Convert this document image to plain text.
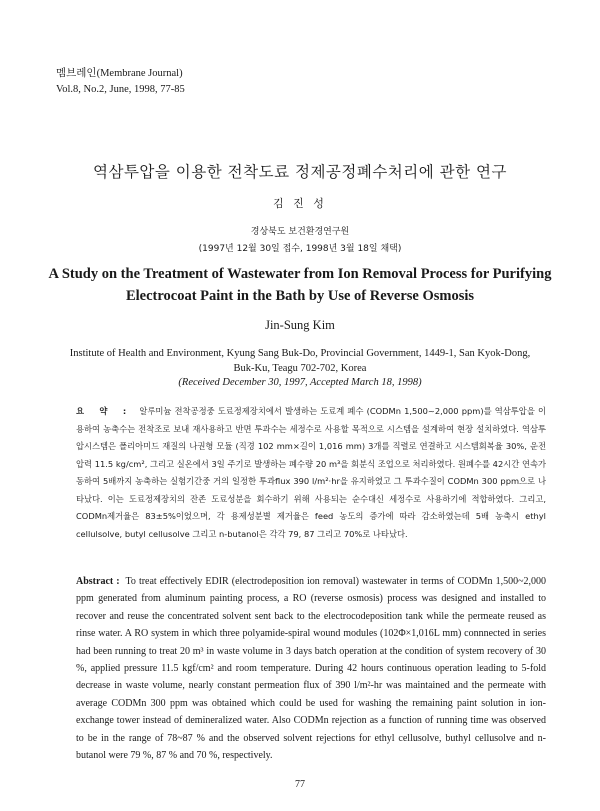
멤브레인(Membrane Journal)
Vol.8, No.2, June, 1998, 77-85
역삼투압을 이용한 전착도료 정제공정폐수처리에 관한 연구
김 진 성
경상북도 보건환경연구원
(1997년 12월 30일 접수, 1998년 3월 18일 채택)
A Study on the Treatment of Wastewater from Ion Removal Process for Purifying Electrocoat Paint in the Bath by Use of Reverse Osmosis
Jin-Sung Kim
Institute of Health and Environment, Kyung Sang Buk-Do, Provincial Government, 1449-1, San Kyok-Dong, Buk-Ku, Teagu 702-702, Korea
(Received December 30, 1997, Accepted March 18, 1998)
요 약 : 알루미늄 전착공정중 도료정제장치에서 발생하는 도료계 폐수 (CODMn 1,500~2,000 ppm)를 역삼투압을 이용하여 농축수는 전착조로 보내 재사용하고 반면 투과수는 세정수로 사용할 목적으로 시스템을 설계하여 현장 설치하였다. 역삼투압시스템은 폴리아미드 재질의 나권형 모듈 (직경 102 mm×길이 1,016 mm) 3개를 직렬로 연결하고 시스템회복율 30%, 운전압력 11.5 kg/cm², 그리고 실온에서 3일 주기로 발생하는 폐수량 20 m³을 회분식 조업으로 처리하였다. 원폐수를 42시간 연속가동하여 5배까지 농축하는 실험기간중 거의 일정한 투과flux 390 l/m²·hr을 유지하였고 그 투과수질이 CODMn 300 ppm으로 나타났다. 이는 도료정제장치의 잔존 도료성분을 회수하기 위해 사용되는 순수대신 세정수로 사용하기에 적합하였다. 그리고, CODMn제거율은 83±5%이었으며, 각 용제성분별 제거율은 feed 농도의 증가에 따라 감소하였는데 5배 농축시 ethyl cellulsolve, butyl cellusolve 그리고 n-butanol은 각각 79, 87 그리고 70%로 나타났다.
Abstract : To treat effectively EDIR (electrodeposition ion removal) wastewater in terms of CODMn 1,500~2,000 ppm generated from aluminum painting process, a RO (reverse osmosis) process was designed and installed to recover and reuse the concentrated solvent sent back to the electrocodeposition tank while the permeate reused as rinse water. A RO system in which three polyamide-spiral wound modules (102Φ×1,016L mm) connnected in series had been running to treat 20 m³ in waste volume in 3 days batch operation at the condition of system recovery of 30 %, applied pressure 11.5 kgf/cm² and room temperature. During 42 hours continuous operation leading to 5-fold decrease in waste volume, nearly constant permeation flux of 390 l/m²-hr was maintained and the permeate with average CODMn 300 ppm was obtained which could be used for washing the remaining paint solution in ion-exchange tower instead of demineralized water. Also CODMn rejection as a function of running time was observed to be in the range of 78~87 % and the observed solvent rejections for ethyl cellusolve, buthyl cellusolve and n-butanol were 79 %, 87 % and 70 %, respectively.
77
